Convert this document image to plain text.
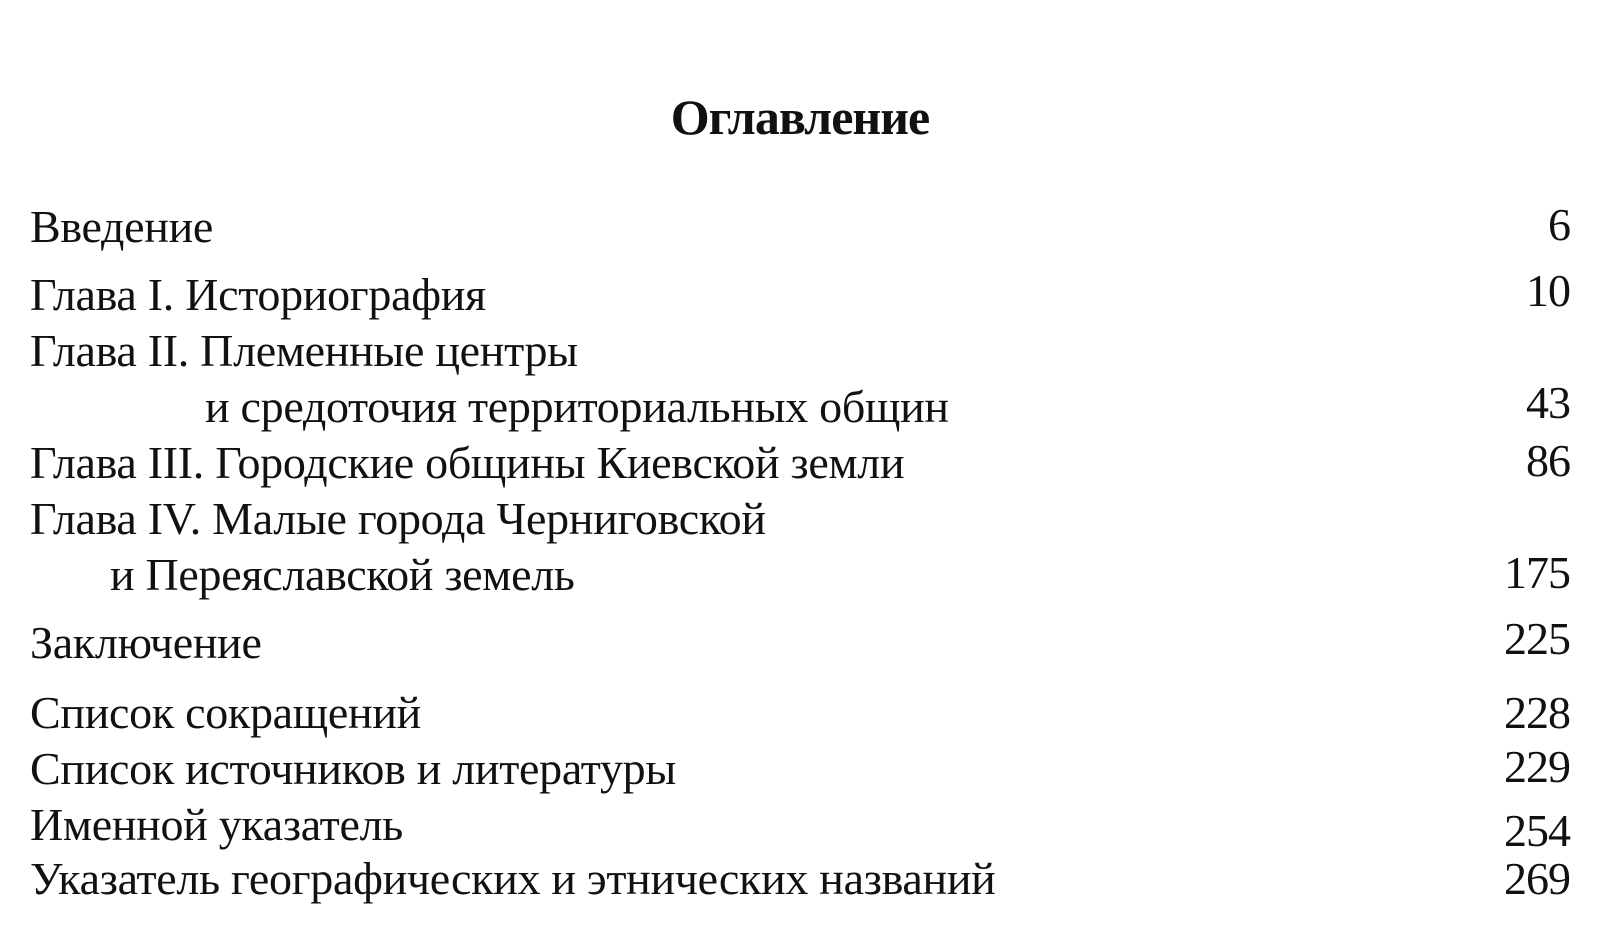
Оглавление
Введение	6
Глава I. Историография	10
Глава II. Племенные центры
и средоточия территориальных общин	43
Глава III. Городские общины Киевской земли	86
Глава IV. Малые города Черниговской
и Переяславской земель	175
Заключение	225
Список сокращений	228
Список источников и литературы	229
Именной указатель	254
Указатель географических и этнических названий	269
